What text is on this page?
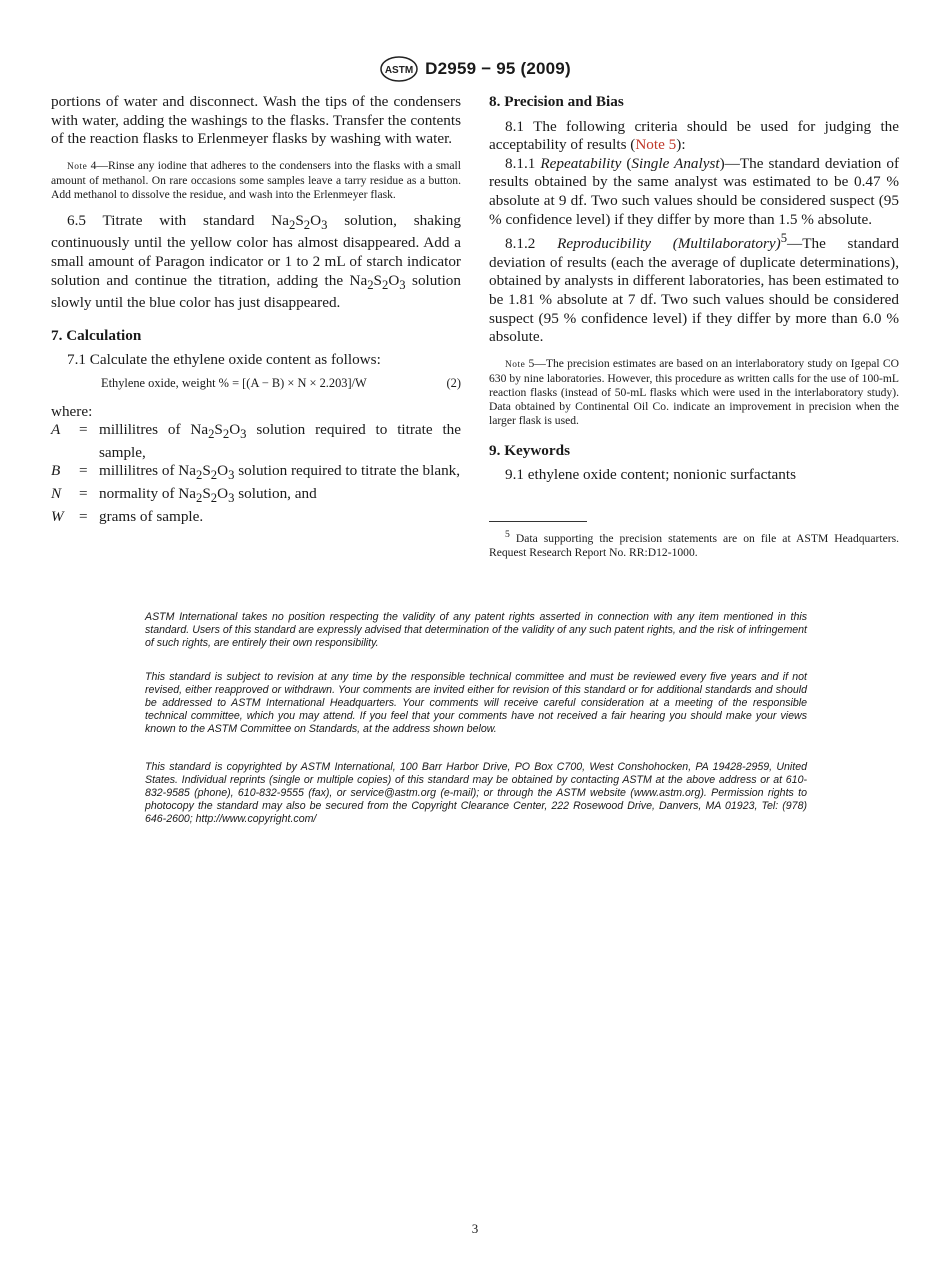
ASTM D2959 − 95 (2009)

portions of water and disconnect. Wash the tips of the condensers with water, adding the washings to the flasks. Transfer the contents of the reaction flasks to Erlenmeyer flasks by washing with water.

Note 4—Rinse any iodine that adheres to the condensers into the flasks with a small amount of methanol. On rare occasions some samples leave a tarry residue as a button. Add methanol to dissolve the residue, and wash into the Erlenmeyer flask.

6.5 Titrate with standard $Na_2S_2O_3$ solution, shaking continuously until the yellow color has almost disappeared. Add a small amount of Paragon indicator or 1 to 2 mL of starch indicator solution and continue the titration, adding the $Na_2S_2O_3$ solution slowly until the blue color has just disappeared.

7. Calculation

7.1 Calculate the ethylene oxide content as follows:

Ethylene oxide, weight % = [(A − B) × N × 2.203]/W	(2)

where:

A	=	millilitres of $Na_2S_2O_3$ solution required to titrate the sample,
B	=	millilitres of $Na_2S_2O_3$ solution required to titrate the blank,
N	=	normality of $Na_2S_2O_3$ solution, and
W	=	grams of sample.
8. Precision and Bias

8.1 The following criteria should be used for judging the acceptability of results (Note 5):

8.1.1 Repeatability (Single Analyst)—The standard deviation of results obtained by the same analyst was estimated to be 0.47 % absolute at 9 df. Two such values should be considered suspect (95 % confidence level) if they differ by more than 1.5 % absolute.

8.1.2 Reproducibility (Multilaboratory)$^5$—The standard deviation of results (each the average of duplicate determinations), obtained by analysts in different laboratories, has been estimated to be 1.81 % absolute at 7 df. Two such values should be considered suspect (95 % confidence level) if they differ by more than 6.0 % absolute.

Note 5—The precision estimates are based on an interlaboratory study on Igepal CO 630 by nine laboratories. However, this procedure as written calls for the use of 100-mL reaction flasks (instead of 50-mL flasks which were used in the interlaboratory study). Data obtained by Continental Oil Co. indicate an improvement in precision when the larger flask is used.

9. Keywords

9.1 ethylene oxide content; nonionic surfactants

$^5$ Data supporting the precision statements are on file at ASTM Headquarters. Request Research Report No. RR:D12-1000.

ASTM International takes no position respecting the validity of any patent rights asserted in connection with any item mentioned in this standard. Users of this standard are expressly advised that determination of the validity of any such patent rights, and the risk of infringement of such rights, are entirely their own responsibility.

This standard is subject to revision at any time by the responsible technical committee and must be reviewed every five years and if not revised, either reapproved or withdrawn. Your comments are invited either for revision of this standard or for additional standards and should be addressed to ASTM International Headquarters. Your comments will receive careful consideration at a meeting of the responsible technical committee, which you may attend. If you feel that your comments have not received a fair hearing you should make your views known to the ASTM Committee on Standards, at the address shown below.

This standard is copyrighted by ASTM International, 100 Barr Harbor Drive, PO Box C700, West Conshohocken, PA 19428-2959, United States. Individual reprints (single or multiple copies) of this standard may be obtained by contacting ASTM at the above address or at 610-832-9585 (phone), 610-832-9555 (fax), or service@astm.org (e-mail); or through the ASTM website (www.astm.org). Permission rights to photocopy the standard may also be secured from the Copyright Clearance Center, 222 Rosewood Drive, Danvers, MA 01923, Tel: (978) 646-2600; http://www.copyright.com/

3
